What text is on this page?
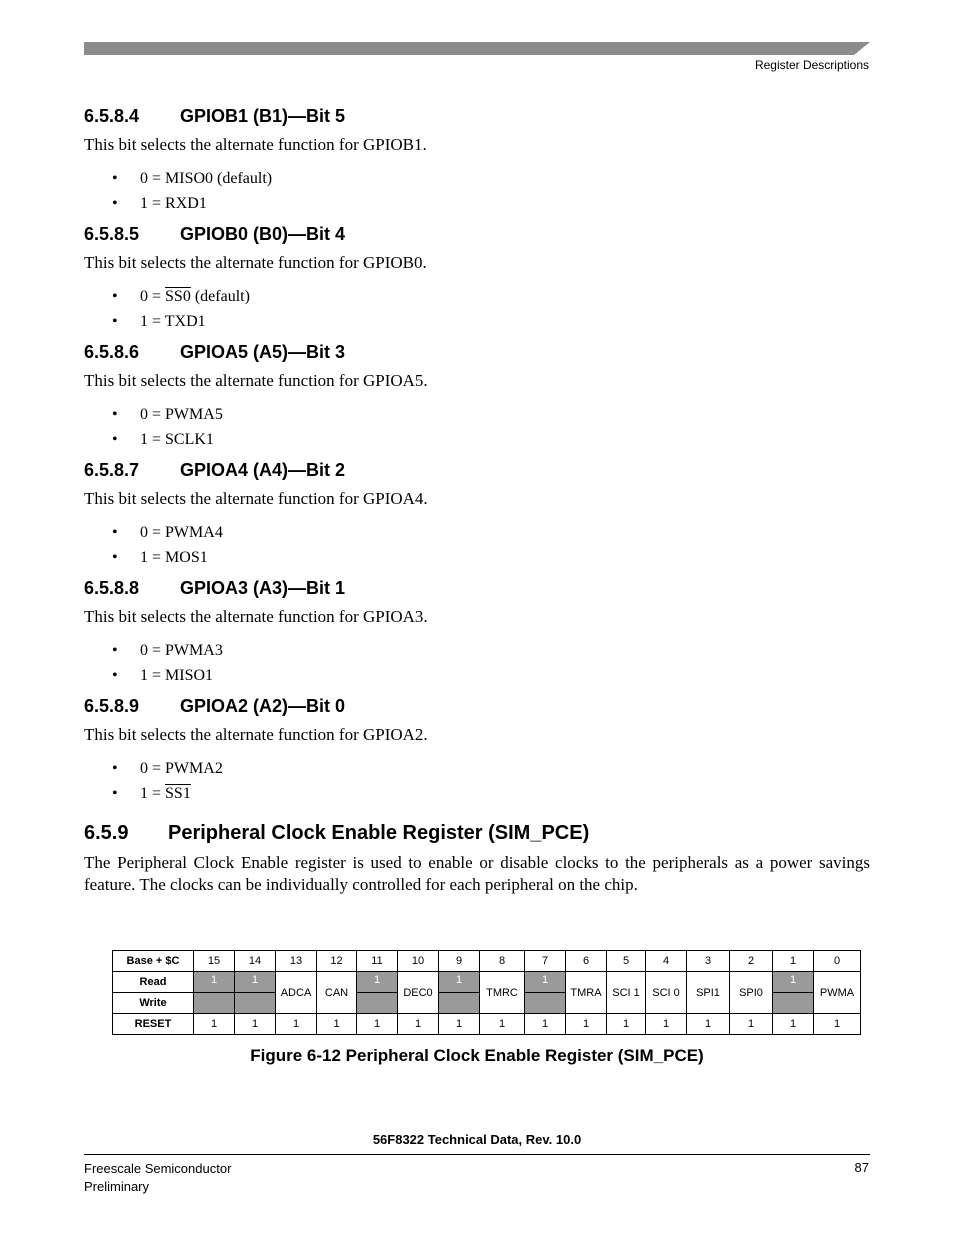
Register Descriptions
6.5.8.4 GPIOB1 (B1)—Bit 5

This bit selects the alternate function for GPIOB1.

• 0 = MISO0 (default)
• 1 = RXD1
6.5.8.5 GPIOB0 (B0)—Bit 4

This bit selects the alternate function for GPIOB0.

• 0 = SS0 (default)
• 1 = TXD1
6.5.8.6 GPIOA5 (A5)—Bit 3

This bit selects the alternate function for GPIOA5.

• 0 = PWMA5
• 1 = SCLK1
6.5.8.7 GPIOA4 (A4)—Bit 2

This bit selects the alternate function for GPIOA4.

• 0 = PWMA4
• 1 = MOS1
6.5.8.8 GPIOA3 (A3)—Bit 1

This bit selects the alternate function for GPIOA3.

• 0 = PWMA3
• 1 = MISO1
6.5.8.9 GPIOA2 (A2)—Bit 0

This bit selects the alternate function for GPIOA2.

• 0 = PWMA2
• 1 = SS1
6.5.9 Peripheral Clock Enable Register (SIM_PCE)

The Peripheral Clock Enable register is used to enable or disable clocks to the peripherals as a power savings feature. The clocks can be individually controlled for each peripheral on the chip.

Base + $C	15	14	13	12	11	10	9	8	7	6	5	4	3	2	1	0
Read	1	1	ADCA	CAN	1	DEC0	1	TMRC	1	TMRA	SCI 1	SCI 0	SPI1	SPI0	1	PWMA
Write																
RESET	1	1	1	1	1	1	1	1	1	1	1	1	1	1	1	1
Figure 6-12 Peripheral Clock Enable Register (SIM_PCE)
56F8322 Technical Data, Rev. 10.0
Freescale Semiconductor
Preliminary
87
